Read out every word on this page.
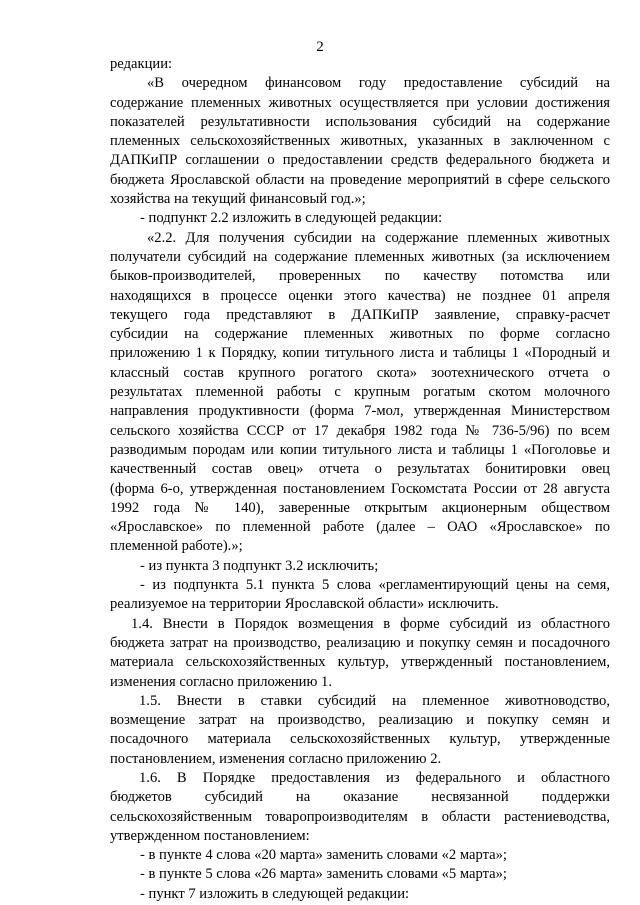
2
редакции:
«В очередном финансовом году предоставление субсидий на
содержание племенных животных осуществляется при условии достижения
показателей результативности использования субсидий на содержание
племенных сельскохозяйственных животных, указанных в заключенном с
ДАПКиПР соглашении о предоставлении средств федерального бюджета и
бюджета Ярославской области на проведение мероприятий в сфере сельского
хозяйства на текущий финансовый год.»;
- подпункт 2.2 изложить в следующей редакции:
«2.2. Для получения субсидии на содержание племенных животных
получатели субсидий на содержание племенных животных (за исключением
быков-производителей, проверенных по качеству потомства или
находящихся в процессе оценки этого качества) не позднее 01 апреля
текущего года представляют в ДАПКиПР заявление, справку-расчет
субсидии на содержание племенных животных по форме согласно
приложению 1 к Порядку, копии титульного листа и таблицы 1 «Породный и
классный состав крупного рогатого скота» зоотехнического отчета о
результатах племенной работы с крупным рогатым скотом молочного
направления продуктивности (форма 7-мол, утвержденная Министерством
сельского хозяйства СССР от 17 декабря 1982 года № 736-5/96) по всем
разводимым породам или копии титульного листа и таблицы 1 «Поголовье и
качественный состав овец» отчета о результатах бонитировки овец
(форма 6-о, утвержденная постановлением Госкомстата России от 28 августа
1992 года № 140), заверенные открытым акционерным обществом
«Ярославское» по племенной работе (далее – ОАО «Ярославское» по
племенной работе).»;
- из пункта 3 подпункт 3.2 исключить;
- из подпункта 5.1 пункта 5 слова «регламентирующий цены на семя,
реализуемое на территории Ярославской области» исключить.
1.4. Внести в Порядок возмещения в форме субсидий из областного
бюджета затрат на производство, реализацию и покупку семян и посадочного
материала сельскохозяйственных культур, утвержденный постановлением,
изменения согласно приложению 1.
1.5. Внести в ставки субсидий на племенное животноводство,
возмещение затрат на производство, реализацию и покупку семян и
посадочного материала сельскохозяйственных культур, утвержденные
постановлением, изменения согласно приложению 2.
1.6. В Порядке предоставления из федерального и областного
бюджетов субсидий на оказание несвязанной поддержки
сельскохозяйственным товаропроизводителям в области растениеводства,
утвержденном постановлением:
- в пункте 4 слова «20 марта» заменить словами «2 марта»;
- в пункте 5 слова «26 марта» заменить словами «5 марта»;
- пункт 7 изложить в следующей редакции:
